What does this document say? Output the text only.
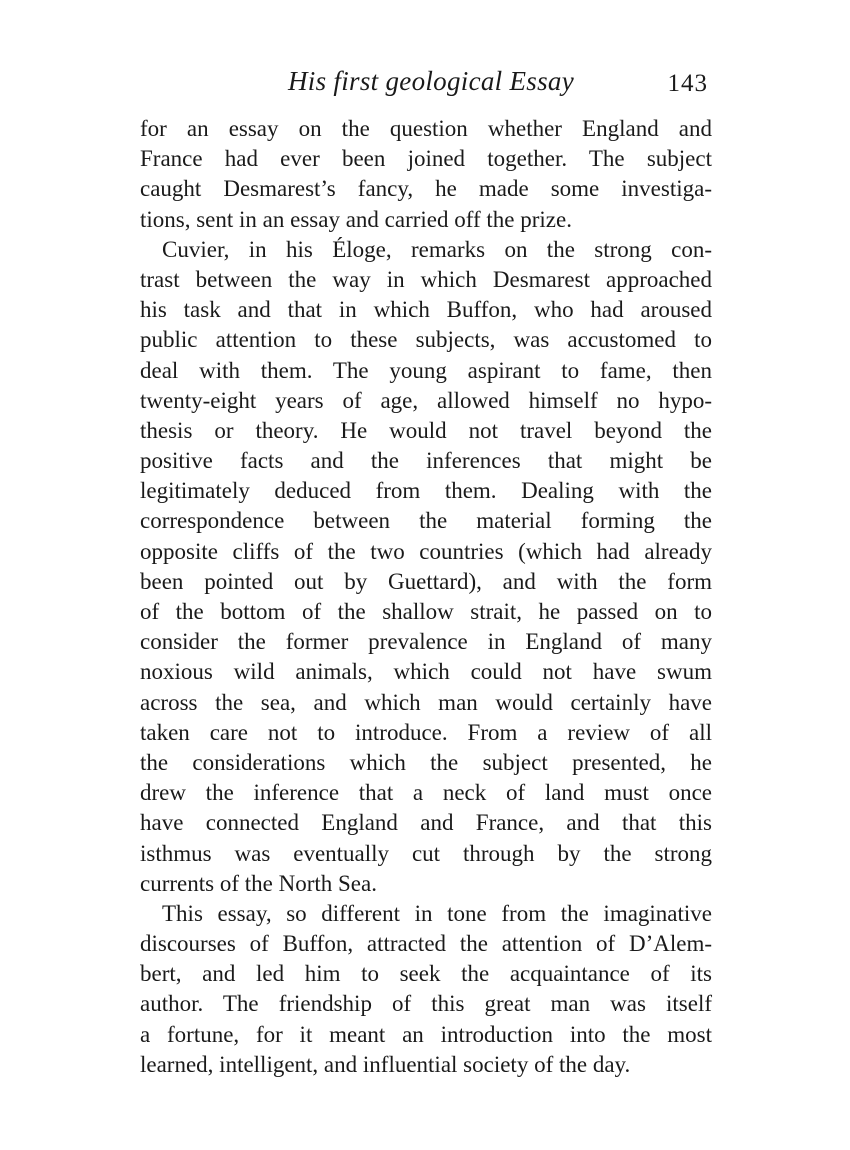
His first geological Essay	143
for an essay on the question whether England and
France had ever been joined together. The subject
caught Desmarest’s fancy, he made some investiga-
tions, sent in an essay and carried off the prize.
Cuvier, in his Éloge, remarks on the strong con-
trast between the way in which Desmarest approached
his task and that in which Buffon, who had aroused
public attention to these subjects, was accustomed to
deal with them. The young aspirant to fame, then
twenty-eight years of age, allowed himself no hypo-
thesis or theory. He would not travel beyond the
positive facts and the inferences that might be
legitimately deduced from them. Dealing with the
correspondence between the material forming the
opposite cliffs of the two countries (which had already
been pointed out by Guettard), and with the form
of the bottom of the shallow strait, he passed on to
consider the former prevalence in England of many
noxious wild animals, which could not have swum
across the sea, and which man would certainly have
taken care not to introduce. From a review of all
the considerations which the subject presented, he
drew the inference that a neck of land must once
have connected England and France, and that this
isthmus was eventually cut through by the strong
currents of the North Sea.
This essay, so different in tone from the imaginative
discourses of Buffon, attracted the attention of D’Alem-
bert, and led him to seek the acquaintance of its
author. The friendship of this great man was itself
a fortune, for it meant an introduction into the most
learned, intelligent, and influential society of the day.
